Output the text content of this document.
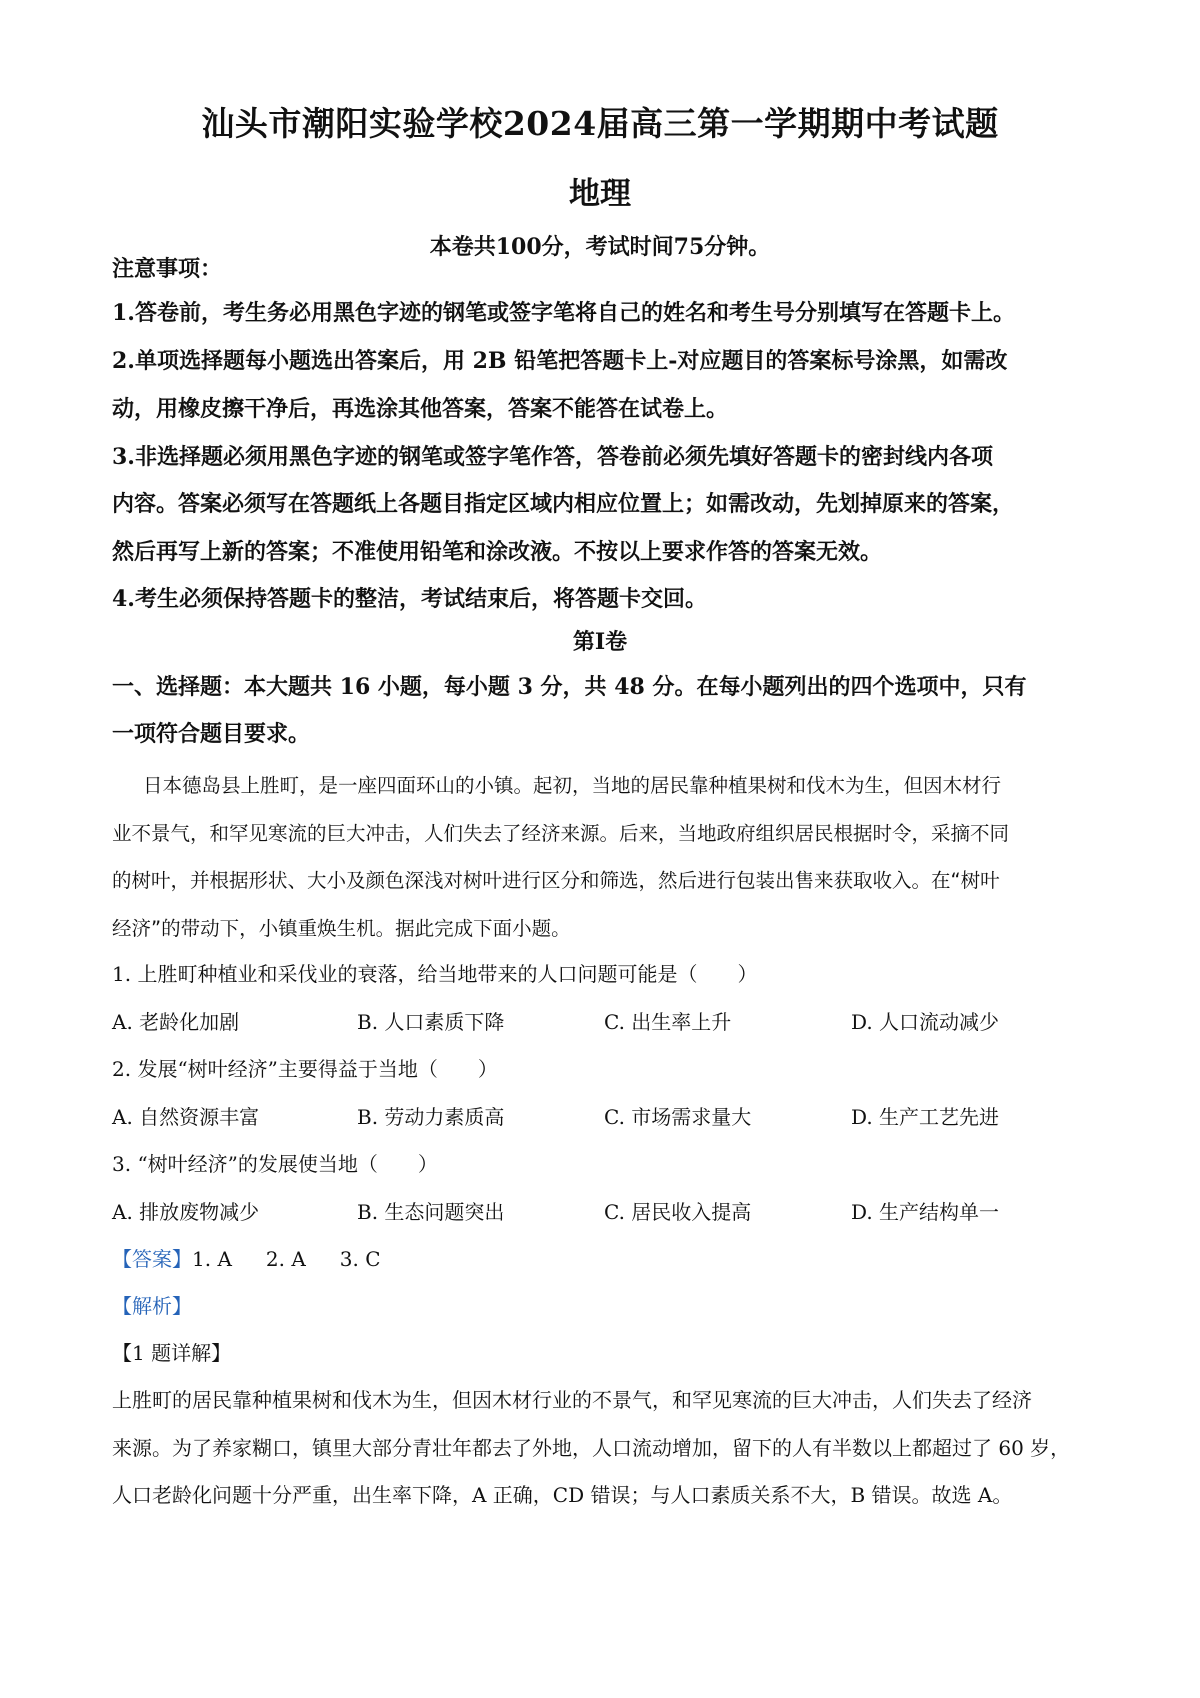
汕头市潮阳实验学校2024届高三第一学期期中考试题
地理
本卷共100分，考试时间75分钟。
注意事项：
1.答卷前，考生务必用黑色字迹的钢笔或签字笔将自己的姓名和考生号分别填写在答题卡上。
2.单项选择题每小题选出答案后，用 2B 铅笔把答题卡上-对应题目的答案标号涂黑，如需改
动，用橡皮擦干净后，再选涂其他答案，答案不能答在试卷上。
3.非选择题必须用黑色字迹的钢笔或签字笔作答，答卷前必须先填好答题卡的密封线内各项
内容。答案必须写在答题纸上各题目指定区域内相应位置上；如需改动，先划掉原来的答案，
然后再写上新的答案；不准使用铅笔和涂改液。不按以上要求作答的答案无效。
4.考生必须保持答题卡的整洁，考试结束后，将答题卡交回。
第Ⅰ卷
一、选择题：本大题共 16 小题，每小题 3 分，共 48 分。在每小题列出的四个选项中，只有
一项符合题目要求。
日本德岛县上胜町，是一座四面环山的小镇。起初，当地的居民靠种植果树和伐木为生，但因木材行
业不景气，和罕见寒流的巨大冲击，人们失去了经济来源。后来，当地政府组织居民根据时令，采摘不同
的树叶，并根据形状、大小及颜色深浅对树叶进行区分和筛选，然后进行包装出售来获取收入。在“树叶
经济”的带动下，小镇重焕生机。据此完成下面小题。
1. 上胜町种植业和采伐业的衰落，给当地带来的人口问题可能是（　　）
A. 老龄化加剧	B. 人口素质下降	C. 出生率上升	D. 人口流动减少
2. 发展“树叶经济”主要得益于当地（　　）
A. 自然资源丰富	B. 劳动力素质高	C. 市场需求量大	D. 生产工艺先进
3. “树叶经济”的发展使当地（　　）
A. 排放废物减少	B. 生态问题突出	C. 居民收入提高	D. 生产结构单一
【答案】1. A 2. A 3. C
【解析】
【1 题详解】
上胜町的居民靠种植果树和伐木为生，但因木材行业的不景气，和罕见寒流的巨大冲击，人们失去了经济
来源。为了养家糊口，镇里大部分青壮年都去了外地，人口流动增加，留下的人有半数以上都超过了 60 岁，
人口老龄化问题十分严重，出生率下降，A 正确，CD 错误；与人口素质关系不大，B 错误。故选 A。
